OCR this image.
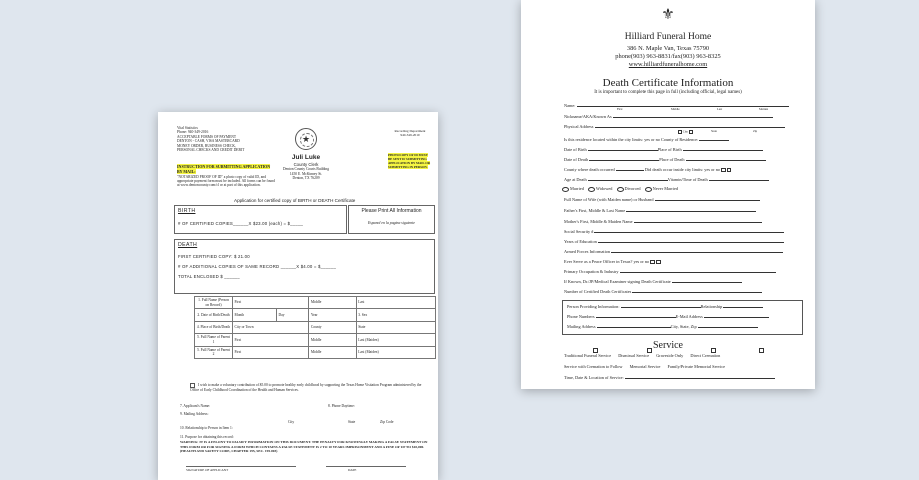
Vital Statistics
Phone: 940-349-2016
ACCEPTABLE FORMS OF PAYMENT
DENTON - CASH, VISA MASTERCARD
MONEY ORDER, BUSINESS CHECK,
PERSONAL CHECKS AND CREDIT DEBIT
INSTRUCTION FOR SUBMITTING APPLICATION BY MAIL:
"NOTARIZED PROOF OF ID" a photo copy of valid ID, and appropriate payment form must be included. All forms can be found at www.dentoncounty.com/cl or at part of this application.
★
Juli Luke
County Clerk
Denton County Courts Building
1450 E. McKinney St.
Denton, TX 76209
Recording Department
940-349-2010
PHOTOCOPY OF ID MUST BE SENT IF SUBMITTING APPLICATION BY MAIL OR SUBMITTING IN PERSON.
Application for certified copy of BIRTH or DEATH Certificate
BIRTH
# OF CERTIFIED COPIES______X $23.00 (each) = $_____
Please Print All Information
Espanol en la pagina siguiente
DEATH
FIRST CERTIFIED COPY: $ 21.00
# OF ADDITIONAL COPIES OF SAME RECORD ______X $4.00 = $______
TOTAL ENCLOSED $ ______
1. Full Name (Person on Record)	First		Middle	Last
2. Date of Birth/Death	Month	Day	Year	3. Sex
4. Place of Birth/Death	City or Town		County	State
5. Full Name of Parent 1	First		Middle	Last (Maiden)
5. Full Name of Parent 2	First		Middle	Last (Maiden)
I wish to make a voluntary contribution of $5.00 to promote healthy early childhood by supporting the Texas Home Visitation Program administered by the Office of Early Childhood Coordination of the Health and Human Services.
7. Applicant's Name:	8. Phone Daytime:
9. Mailing Address:
City	State	Zip Code
10. Relationship to Person in Item 1:
11. Purpose for obtaining this record:
WARNING: IT IS A FELONY TO FALSIFY INFORMATION ON THIS DOCUMENT. THE PENALTY FOR KNOWINGLY MAKING A FALSE STATEMENT ON THIS FORM OR FOR SIGNING A FORM WHICH CONTAINS A FALSE STATEMENT IS 2 TO 10 YEARS IMPRISONMENT AND A FINE OF UP TO $10,000. (HEALTH AND SAFETY CODE, CHAPTER 195, SEC. 195.003)
SIGNATURE OF APPLICANT	DATE
⚜
Hilliard Funeral Home
386 N. Maple Van, Texas 75790
phone(903) 963-8831/fax(903) 963-8325
www.hilliardfuneralhome.com
Death Certificate Information
It is important to complete this page in full (including official, legal names)
Name:
First	Middle	Last	Maiden
Nickname/AKA/Known As
Physical Address
City	State	Zip
Is this residence located within the city limits: yes or no County of Residence:
Date of Birth	Place of Birth
Date of Death	Place of Death
County where death occurred	Did death occur inside city limits: yes or no
Age at Death	Vitamin/Time of Death
Married	Widowed	Divorced	Never Married
Full Name of Wife (with Maiden name) or Husband
Father's First, Middle & Last Name
Mother's First, Middle & Maiden Name
Social Security #
Years of Education
Armed Forces Information
Ever Serve as a Peace Officer in Texas? yes or no
Primary Occupation & Industry
If Known, Dr./JP/Medical Examiner signing Death Certificate
Number of Certified Death Certificates
Person Providing Information:	Relationship
Phone Numbers	E-Mail Address
Mailing Address	City, State, Zip
Service
Traditional Funeral Service Dismissal Service Graveside Only Direct Cremation
Service with Cremation to Follow Memorial Service Family/Private Memorial Service
Time, Date & Location of Service:
